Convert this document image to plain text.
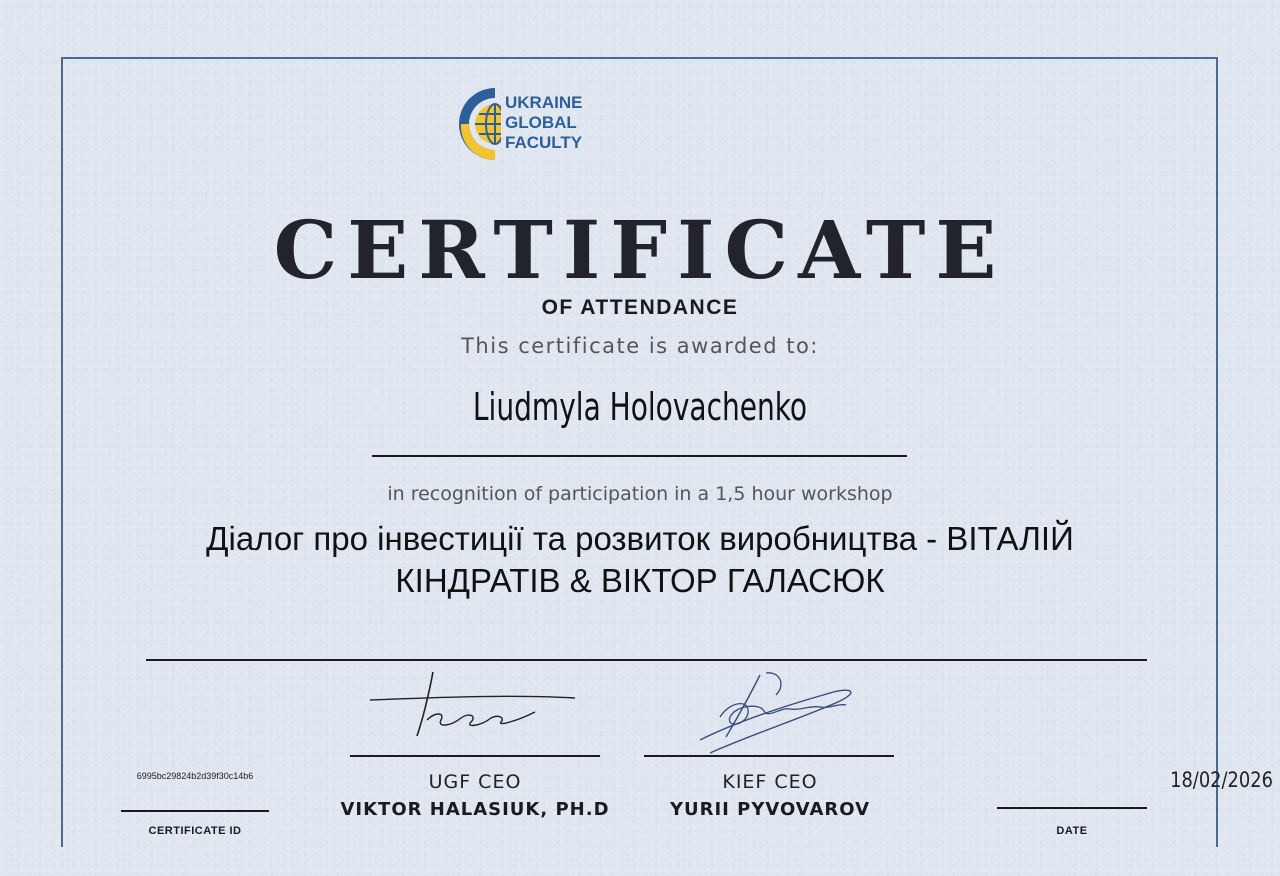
UKRAINE
GLOBAL
FACULTY
CERTIFICATE
OF ATTENDANCE
This certificate is awarded to:
Liudmyla Holovachenko
in recognition of participation in a 1,5 hour workshop
Діалог про інвестиції та розвиток виробництва - ВІТАЛІЙ
КІНДРАТІВ & ВІКТОР ГАЛАСЮК
6995bc29824b2d39f30c14b6
CERTIFICATE ID
UGF CEO
VIKTOR HALASIUK, PH.D
KIEF CEO
YURII PYVOVAROV
18/02/2026
DATE
